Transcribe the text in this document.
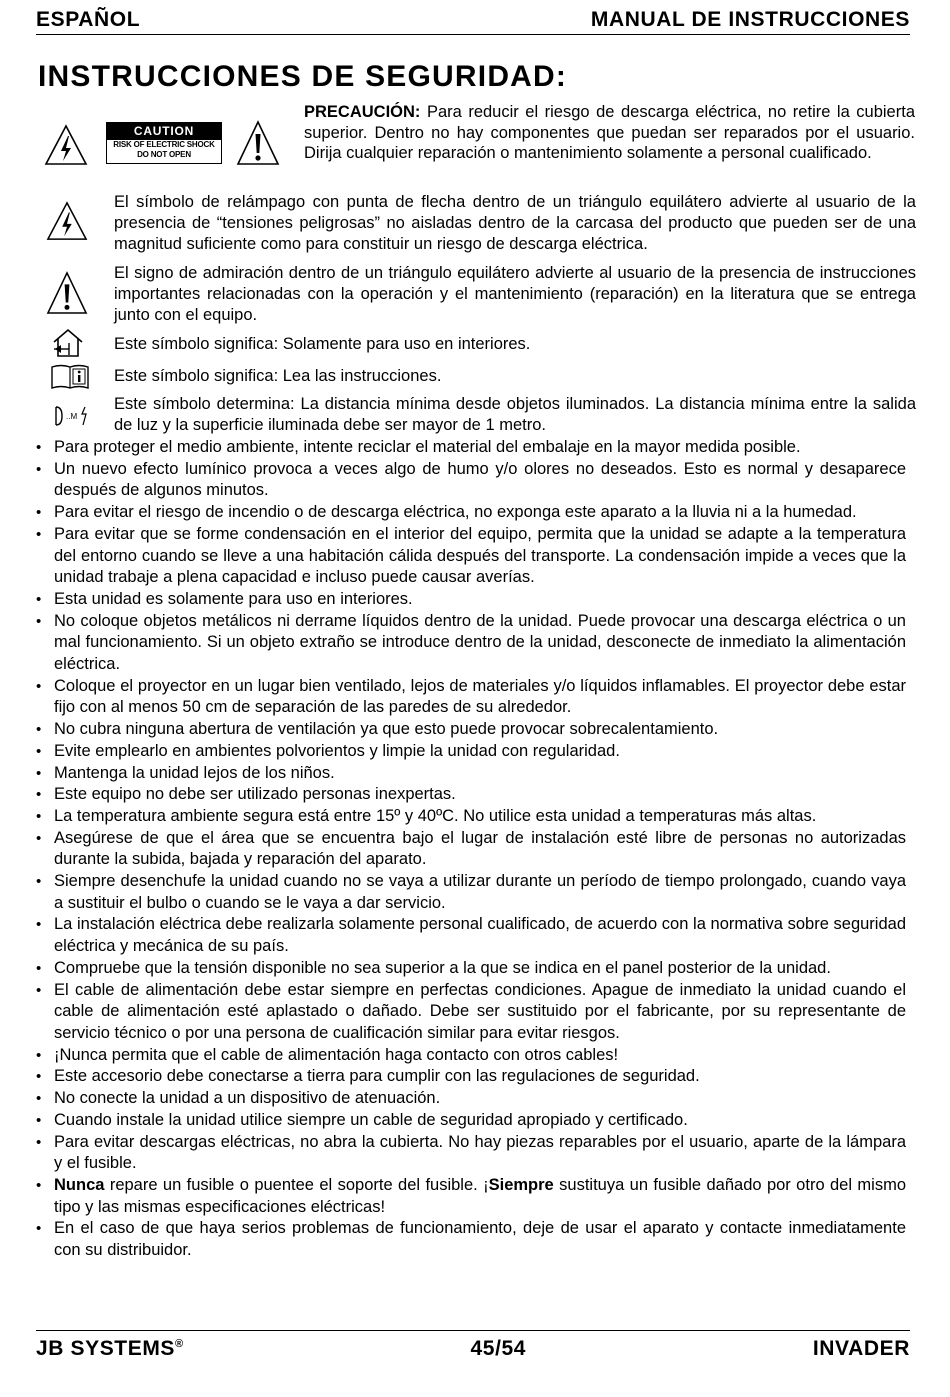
ESPAÑOL	MANUAL DE INSTRUCCIONES
INSTRUCCIONES DE SEGURIDAD:
CAUTION
RISK OF ELECTRIC SHOCK
DO NOT OPEN

PRECAUCIÓN: Para reducir el riesgo de descarga eléctrica, no retire la cubierta superior. Dentro no hay componentes que puedan ser reparados por el usuario. Dirija cualquier reparación o mantenimiento solamente a personal cualificado.

El símbolo de relámpago con punta de flecha dentro de un triángulo equilátero advierte al usuario de la presencia de “tensiones peligrosas” no aisladas dentro de la carcasa del producto que pueden ser de una magnitud suficiente como para constituir un riesgo de descarga eléctrica.

El signo de admiración dentro de un triángulo equilátero advierte al usuario de la presencia de instrucciones importantes relacionadas con la operación y el mantenimiento (reparación) en la literatura que se entrega junto con el equipo.

Este símbolo significa: Solamente para uso en interiores.

Este símbolo significa: Lea las instrucciones.

..M

Este símbolo determina: La distancia mínima desde objetos iluminados. La distancia mínima entre la salida de luz y la superficie iluminada debe ser mayor de 1 metro.

• Para proteger el medio ambiente, intente reciclar el material del embalaje en la mayor medida posible.
• Un nuevo efecto lumínico provoca a veces algo de humo y/o olores no deseados. Esto es normal y desaparece después de algunos minutos.
• Para evitar el riesgo de incendio o de descarga eléctrica, no exponga este aparato a la lluvia ni a la humedad.
• Para evitar que se forme condensación en el interior del equipo, permita que la unidad se adapte a la temperatura del entorno cuando se lleve a una habitación cálida después del transporte. La condensación impide a veces que la unidad trabaje a plena capacidad e incluso puede causar averías.
• Esta unidad es solamente para uso en interiores.
• No coloque objetos metálicos ni derrame líquidos dentro de la unidad. Puede provocar una descarga eléctrica o un mal funcionamiento. Si un objeto extraño se introduce dentro de la unidad, desconecte de inmediato la alimentación eléctrica.
• Coloque el proyector en un lugar bien ventilado, lejos de materiales y/o líquidos inflamables. El proyector debe estar fijo con al menos 50 cm de separación de las paredes de su alrededor.
• No cubra ninguna abertura de ventilación ya que esto puede provocar sobrecalentamiento.
• Evite emplearlo en ambientes polvorientos y limpie la unidad con regularidad.
• Mantenga la unidad lejos de los niños.
• Este equipo no debe ser utilizado personas inexpertas.
• La temperatura ambiente segura está entre 15º y 40ºC. No utilice esta unidad a temperaturas más altas.
• Asegúrese de que el área que se encuentra bajo el lugar de instalación esté libre de personas no autorizadas durante la subida, bajada y reparación del aparato.
• Siempre desenchufe la unidad cuando no se vaya a utilizar durante un período de tiempo prolongado, cuando vaya a sustituir el bulbo o cuando se le vaya a dar servicio.
• La instalación eléctrica debe realizarla solamente personal cualificado, de acuerdo con la normativa sobre seguridad eléctrica y mecánica de su país.
• Compruebe que la tensión disponible no sea superior a la que se indica en el panel posterior de la unidad.
• El cable de alimentación debe estar siempre en perfectas condiciones. Apague de inmediato la unidad cuando el cable de alimentación esté aplastado o dañado. Debe ser sustituido por el fabricante, por su representante de servicio técnico o por una persona de cualificación similar para evitar riesgos.
• ¡Nunca permita que el cable de alimentación haga contacto con otros cables!
• Este accesorio debe conectarse a tierra para cumplir con las regulaciones de seguridad.
• No conecte la unidad a un dispositivo de atenuación.
• Cuando instale la unidad utilice siempre un cable de seguridad apropiado y certificado.
• Para evitar descargas eléctricas, no abra la cubierta. No hay piezas reparables por el usuario, aparte de la lámpara y el fusible.
• Nunca repare un fusible o puentee el soporte del fusible. ¡Siempre sustituya un fusible dañado por otro del mismo tipo y las mismas especificaciones eléctricas!
• En el caso de que haya serios problemas de funcionamiento, deje de usar el aparato y contacte inmediatamente con su distribuidor.
JB SYSTEMS®	45/54	INVADER
